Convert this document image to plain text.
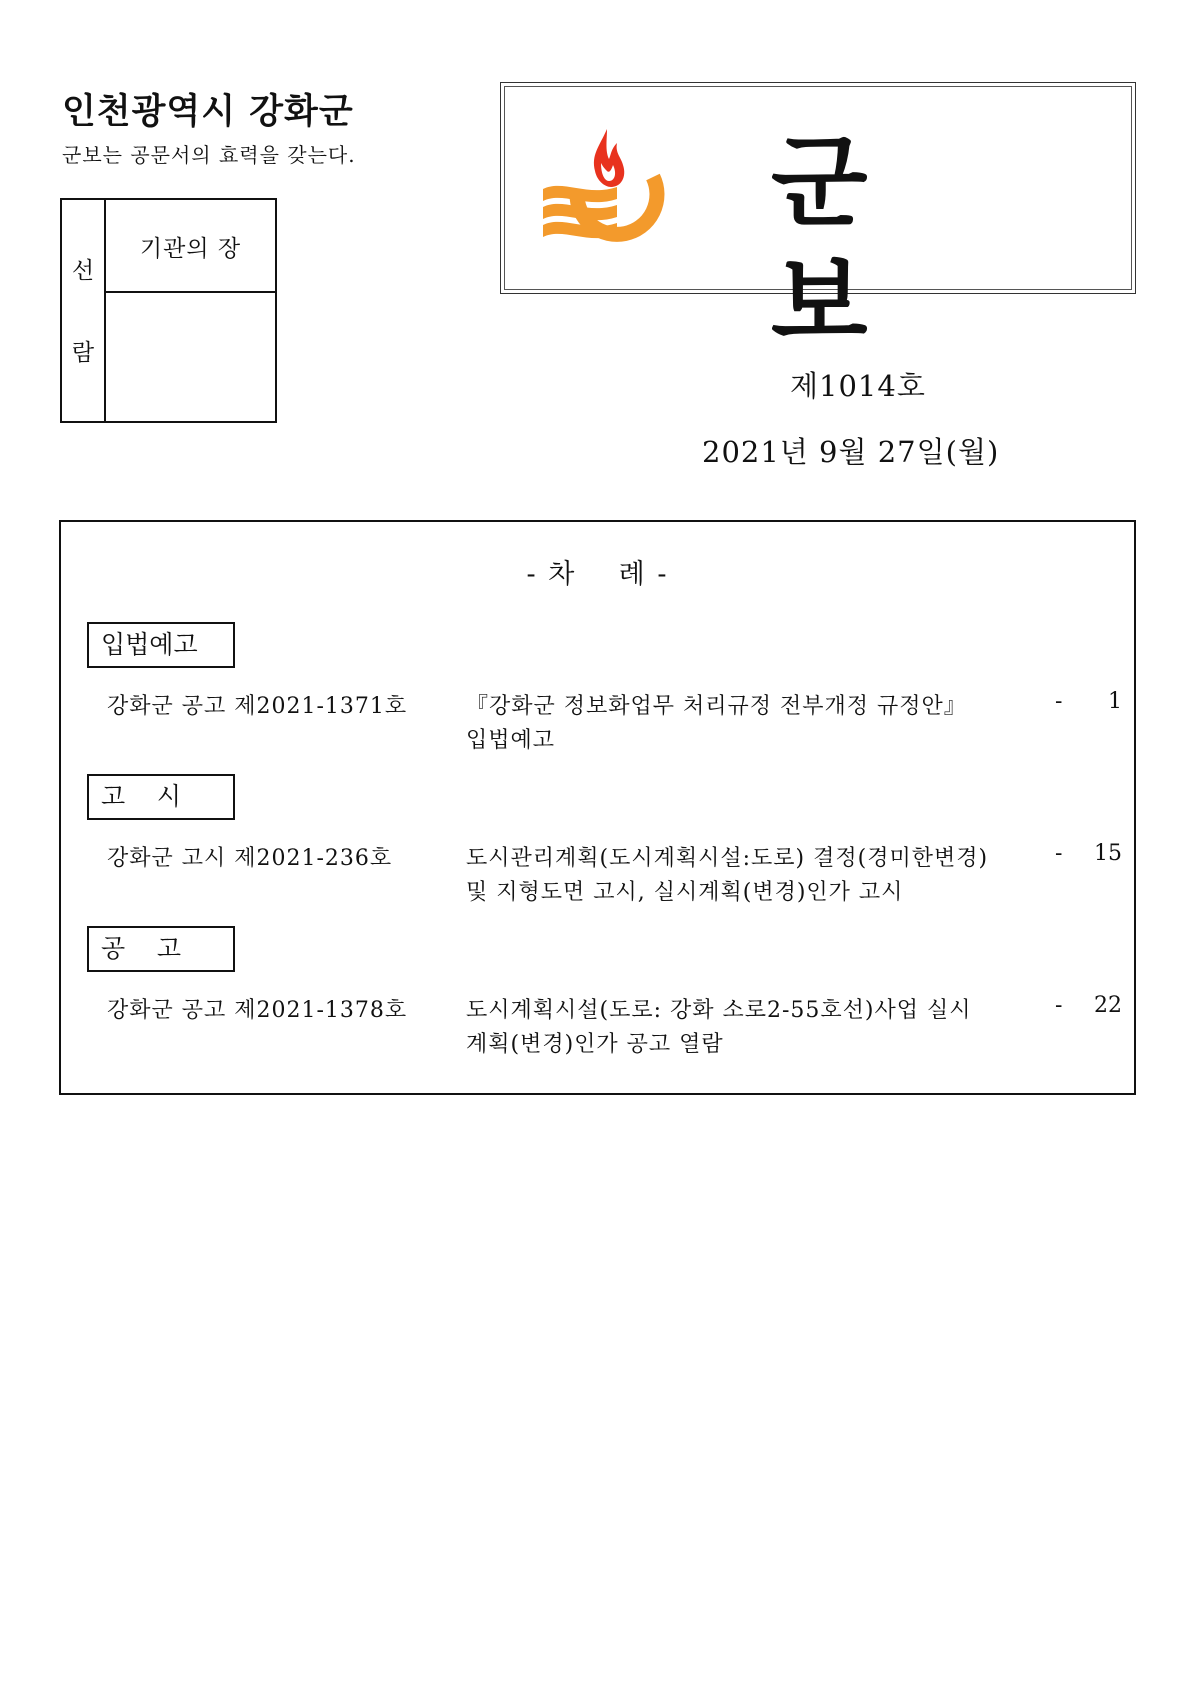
인천광역시 강화군
군보는 공문서의 효력을 갖는다.
선
람
기관의 장
군보
제1014호
2021년 9월 27일(월)
- 차    례 -
입법예고
강화군 공고 제2021-1371호	『강화군 정보화업무 처리규정 전부개정 규정안』
입법예고
- 1
고    시
강화군 고시 제2021-236호	도시관리계획(도시계획시설:도로) 결정(경미한변경)
및 지형도면 고시, 실시계획(변경)인가 고시
- 15
공    고
강화군 공고 제2021-1378호	도시계획시설(도로: 강화 소로2-55호선)사업 실시
계획(변경)인가 공고 열람
- 22
